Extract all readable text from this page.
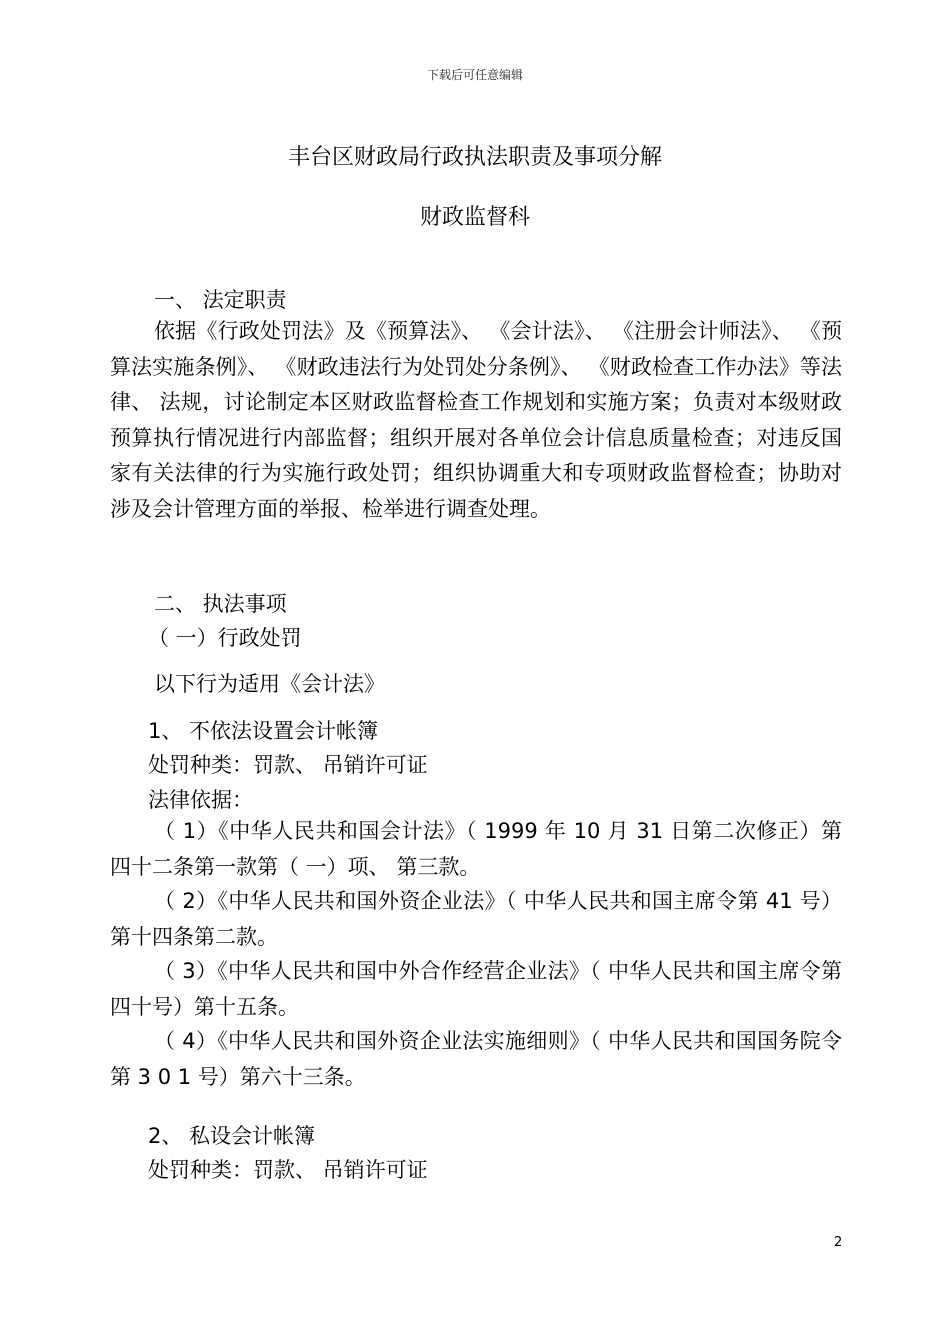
下载后可任意编辑
丰台区财政局行政执法职责及事项分解
财政监督科
一、 法定职责
依据《行政处罚法》及《预算法》、 《会计法》、 《注册会计师法》、 《预算法实施条例》、 《财政违法行为处罚处分条例》、 《财政检查工作办法》等法律、 法规，讨论制定本区财政监督检查工作规划和实施方案；负责对本级财政预算执行情况进行内部监督；组织开展对各单位会计信息质量检查；对违反国家有关法律的行为实施行政处罚；组织协调重大和专项财政监督检查；协助对涉及会计管理方面的举报、检举进行调查处理。
二、 执法事项
（ 一）行政处罚
以下行为适用《会计法》
1、 不依法设置会计帐簿
处罚种类：罚款、 吊销许可证
法律依据：
（ 1）《中华人民共和国会计法》（ 1999 年 10 月 31 日第二次修正）第四十二条第一款第（ 一）项、 第三款。
（ 2）《中华人民共和国外资企业法》（ 中华人民共和国主席令第 41 号）第十四条第二款。
（ 3）《中华人民共和国中外合作经营企业法》（ 中华人民共和国主席令第四十号）第十五条。
（ 4）《中华人民共和国外资企业法实施细则》（ 中华人民共和国国务院令第 3 0 1 号）第六十三条。
2、 私设会计帐簿
处罚种类：罚款、 吊销许可证
2
